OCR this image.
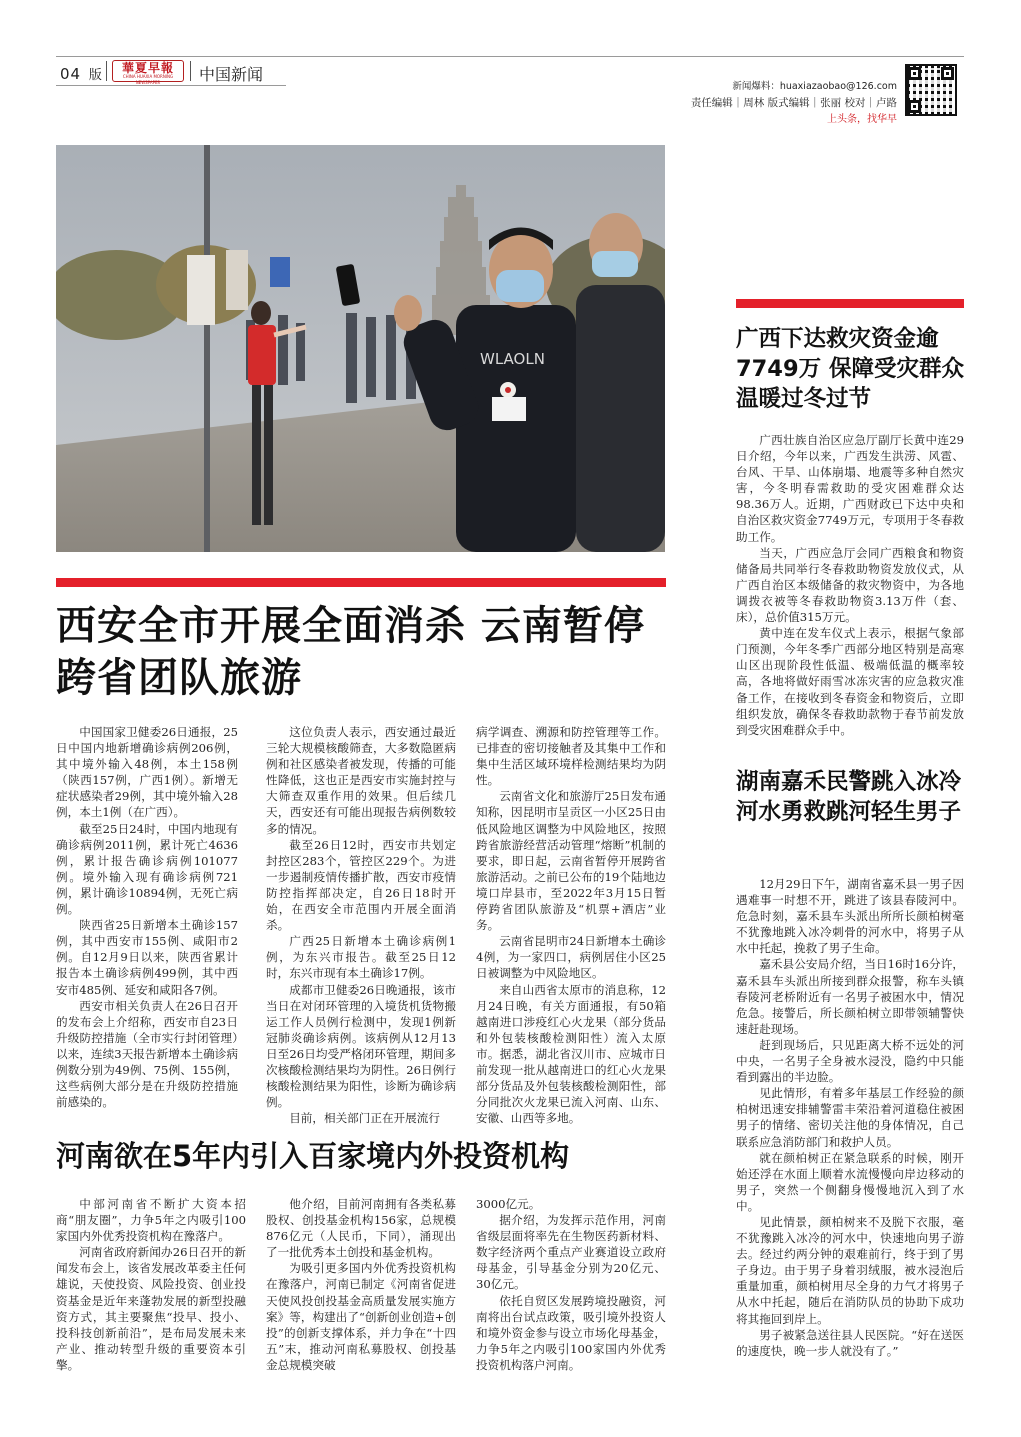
04 版	華夏早報
CHINA HUAXIA MORNING NEWSPAPER	中国新闻
新闻爆料：huaxiazaobao@126.com
责任编辑｜周林 版式编辑｜张丽 校对｜卢路
上头条，找华早
WLAOLN
西安全市开展全面消杀 云南暂停跨省团队旅游

中国国家卫健委26日通报，25日中国内地新增确诊病例206例，其中境外输入48例，本土158例（陕西157例，广西1例）。新增无症状感染者29例，其中境外输入28例，本土1例（在广西）。

截至25日24时，中国内地现有确诊病例2011例，累计死亡4636例，累计报告确诊病例101077例。境外输入现有确诊病例721例，累计确诊10894例，无死亡病例。

陕西省25日新增本土确诊157例，其中西安市155例、咸阳市2例。自12月9日以来，陕西省累计报告本土确诊病例499例，其中西安市485例、延安和咸阳各7例。

西安市相关负责人在26日召开的发布会上介绍称，西安市自23日升级防控措施（全市实行封闭管理）以来，连续3天报告新增本土确诊病例数分别为49例、75例、155例，这些病例大部分是在升级防控措施前感染的。

这位负责人表示，西安通过最近三轮大规模核酸筛查，大多数隐匿病例和社区感染者被发现，传播的可能性降低，这也正是西安市实施封控与大筛查双重作用的效果。但后续几天，西安还有可能出现报告病例数较多的情况。

截至26日12时，西安市共划定封控区283个，管控区229个。为进一步遏制疫情传播扩散，西安市疫情防控指挥部决定，自26日18时开始，在西安全市范围内开展全面消杀。

广西25日新增本土确诊病例1例，为东兴市报告。截至25日12时，东兴市现有本土确诊17例。

成都市卫健委26日晚通报，该市当日在对闭环管理的入境货机货物搬运工作人员例行检测中，发现1例新冠肺炎确诊病例。该病例从12月13日至26日均受严格闭环管理，期间多次核酸检测结果均为阴性。26日例行核酸检测结果为阳性，诊断为确诊病例。

目前，相关部门正在开展流行

病学调查、溯源和防控管理等工作。已排查的密切接触者及其集中工作和集中生活区域环境样检测结果均为阴性。

云南省文化和旅游厅25日发布通知称，因昆明市呈贡区一小区25日由低风险地区调整为中风险地区，按照跨省旅游经营活动管理“熔断”机制的要求，即日起，云南省暂停开展跨省旅游活动。之前已公布的19个陆地边境口岸县市，至2022年3月15日暂停跨省团队旅游及“机票+酒店”业务。

云南省昆明市24日新增本土确诊4例，为一家四口，病例居住小区25日被调整为中风险地区。

来自山西省太原市的消息称，12月24日晚，有关方面通报，有50箱越南进口涉疫红心火龙果（部分货品和外包装核酸检测阳性）流入太原市。据悉，湖北省汉川市、应城市日前发现一批从越南进口的红心火龙果部分货品及外包装核酸检测阳性，部分同批次火龙果已流入河南、山东、安徽、山西等多地。

河南欲在5年内引入百家境内外投资机构

中部河南省不断扩大资本招商“朋友圈”，力争5年之内吸引100家国内外优秀投资机构在豫落户。

河南省政府新闻办26日召开的新闻发布会上，该省发展改革委主任何雄说，天使投资、风险投资、创业投资基金是近年来蓬勃发展的新型投融资方式，其主要聚焦“投早、投小、投科技创新前沿”，是布局发展未来产业、推动转型升级的重要资本引擎。

他介绍，目前河南拥有各类私募股权、创投基金机构156家，总规模876亿元（人民币，下同），涌现出了一批优秀本土创投和基金机构。

为吸引更多国内外优秀投资机构在豫落户，河南已制定《河南省促进天使风投创投基金高质量发展实施方案》等，构建出了“创新创业创造+创投”的创新支撑体系，并力争在“十四五”末，推动河南私募股权、创投基金总规模突破

3000亿元。

据介绍，为发挥示范作用，河南省级层面将率先在生物医药新材料、数字经济两个重点产业赛道设立政府母基金，引导基金分别为20亿元、30亿元。

依托自贸区发展跨境投融资，河南将出台试点政策，吸引境外投资人和境外资金参与设立市场化母基金，力争5年之内吸引100家国内外优秀投资机构落户河南。

广西下达救灾资金逾7749万 保障受灾群众温暖过冬过节

广西壮族自治区应急厅副厅长黄中连29日介绍，今年以来，广西发生洪涝、风雹、台风、干旱、山体崩塌、地震等多种自然灾害，今冬明春需救助的受灾困难群众达98.36万人。近期，广西财政已下达中央和自治区救灾资金7749万元，专项用于冬春救助工作。

当天，广西应急厅会同广西粮食和物资储备局共同举行冬春救助物资发放仪式，从广西自治区本级储备的救灾物资中，为各地调拨衣被等冬春救助物资3.13万件（套、床），总价值315万元。

黄中连在发车仪式上表示，根据气象部门预测，今年冬季广西部分地区特别是高寒山区出现阶段性低温、极端低温的概率较高，各地将做好雨雪冰冻灾害的应急救灾准备工作，在接收到冬春资金和物资后，立即组织发放，确保冬春救助款物于春节前发放到受灾困难群众手中。

湖南嘉禾民警跳入冰冷河水勇救跳河轻生男子

12月29日下午，湖南省嘉禾县一男子因遇难事一时想不开，跳进了该县春陵河中。危急时刻，嘉禾县车头派出所所长颜柏树毫不犹豫地跳入冰冷刺骨的河水中，将男子从水中托起，挽救了男子生命。

嘉禾县公安局介绍，当日16时16分许，嘉禾县车头派出所接到群众报警，称车头镇春陵河老桥附近有一名男子被困水中，情况危急。接警后，所长颜柏树立即带领辅警快速赶赴现场。

赶到现场后，只见距离大桥不远处的河中央，一名男子全身被水浸没，隐约中只能看到露出的半边脸。

见此情形，有着多年基层工作经验的颜柏树迅速安排辅警雷丰荣沿着河道稳住被困男子的情绪、密切关注他的身体情况，自己联系应急消防部门和救护人员。

就在颜柏树正在紧急联系的时候，刚开始还浮在水面上顺着水流慢慢向岸边移动的男子，突然一个侧翻身慢慢地沉入到了水中。

见此情景，颜柏树来不及脱下衣服，毫不犹豫跳入冰冷的河水中，快速地向男子游去。经过约两分钟的艰难前行，终于到了男子身边。由于男子身着羽绒服，被水浸泡后重量加重，颜柏树用尽全身的力气才将男子从水中托起，随后在消防队员的协助下成功将其拖回到岸上。

男子被紧急送往县人民医院。“好在送医的速度快，晚一步人就没有了。”
